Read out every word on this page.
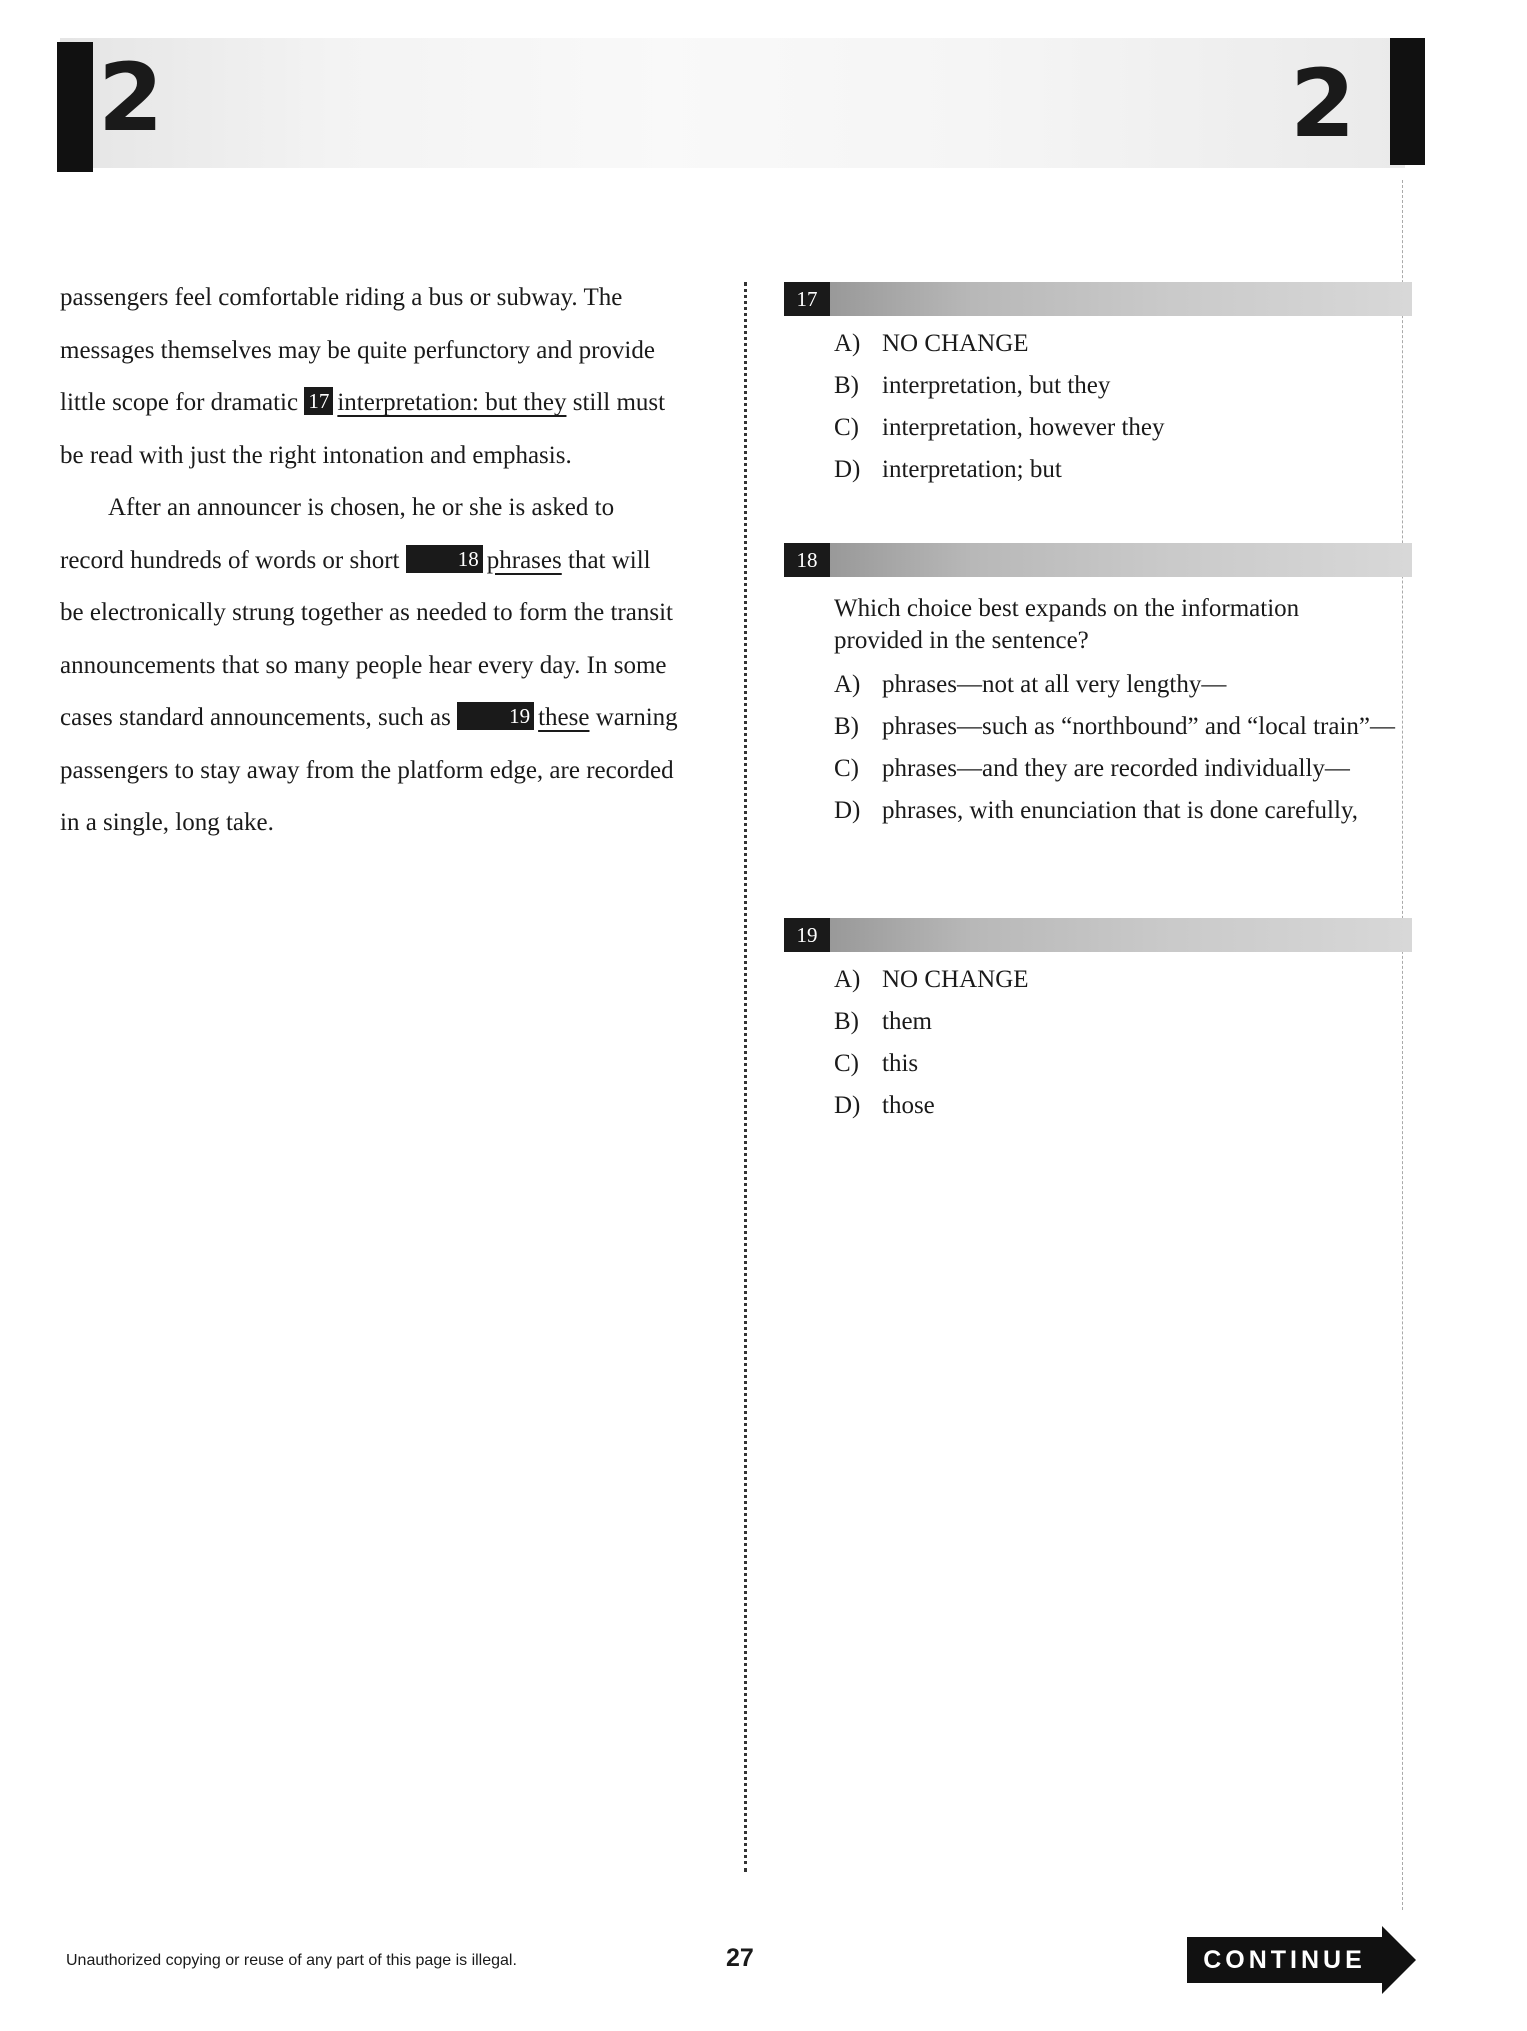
2	2

passengers feel comfortable riding a bus or subway. The messages themselves may be quite perfunctory and provide little scope for dramatic 17 interpretation: but they still must be read with just the right intonation and emphasis.

After an announcer is chosen, he or she is asked to record hundreds of words or short 18 phrases that will be electronically strung together as needed to form the transit announcements that so many people hear every day. In some cases standard announcements, such as 19 these warning passengers to stay away from the platform edge, are recorded in a single, long take.

17
A) NO CHANGE
B) interpretation, but they
C) interpretation, however they
D) interpretation; but
18
Which choice best expands on the information provided in the sentence?
A) phrases—not at all very lengthy—
B) phrases—such as “northbound” and “local train”—
C) phrases—and they are recorded individually—
D) phrases, with enunciation that is done carefully,
19
A) NO CHANGE
B) them
C) this
D) those
Unauthorized copying or reuse of any part of this page is illegal.	27	CONTINUE
